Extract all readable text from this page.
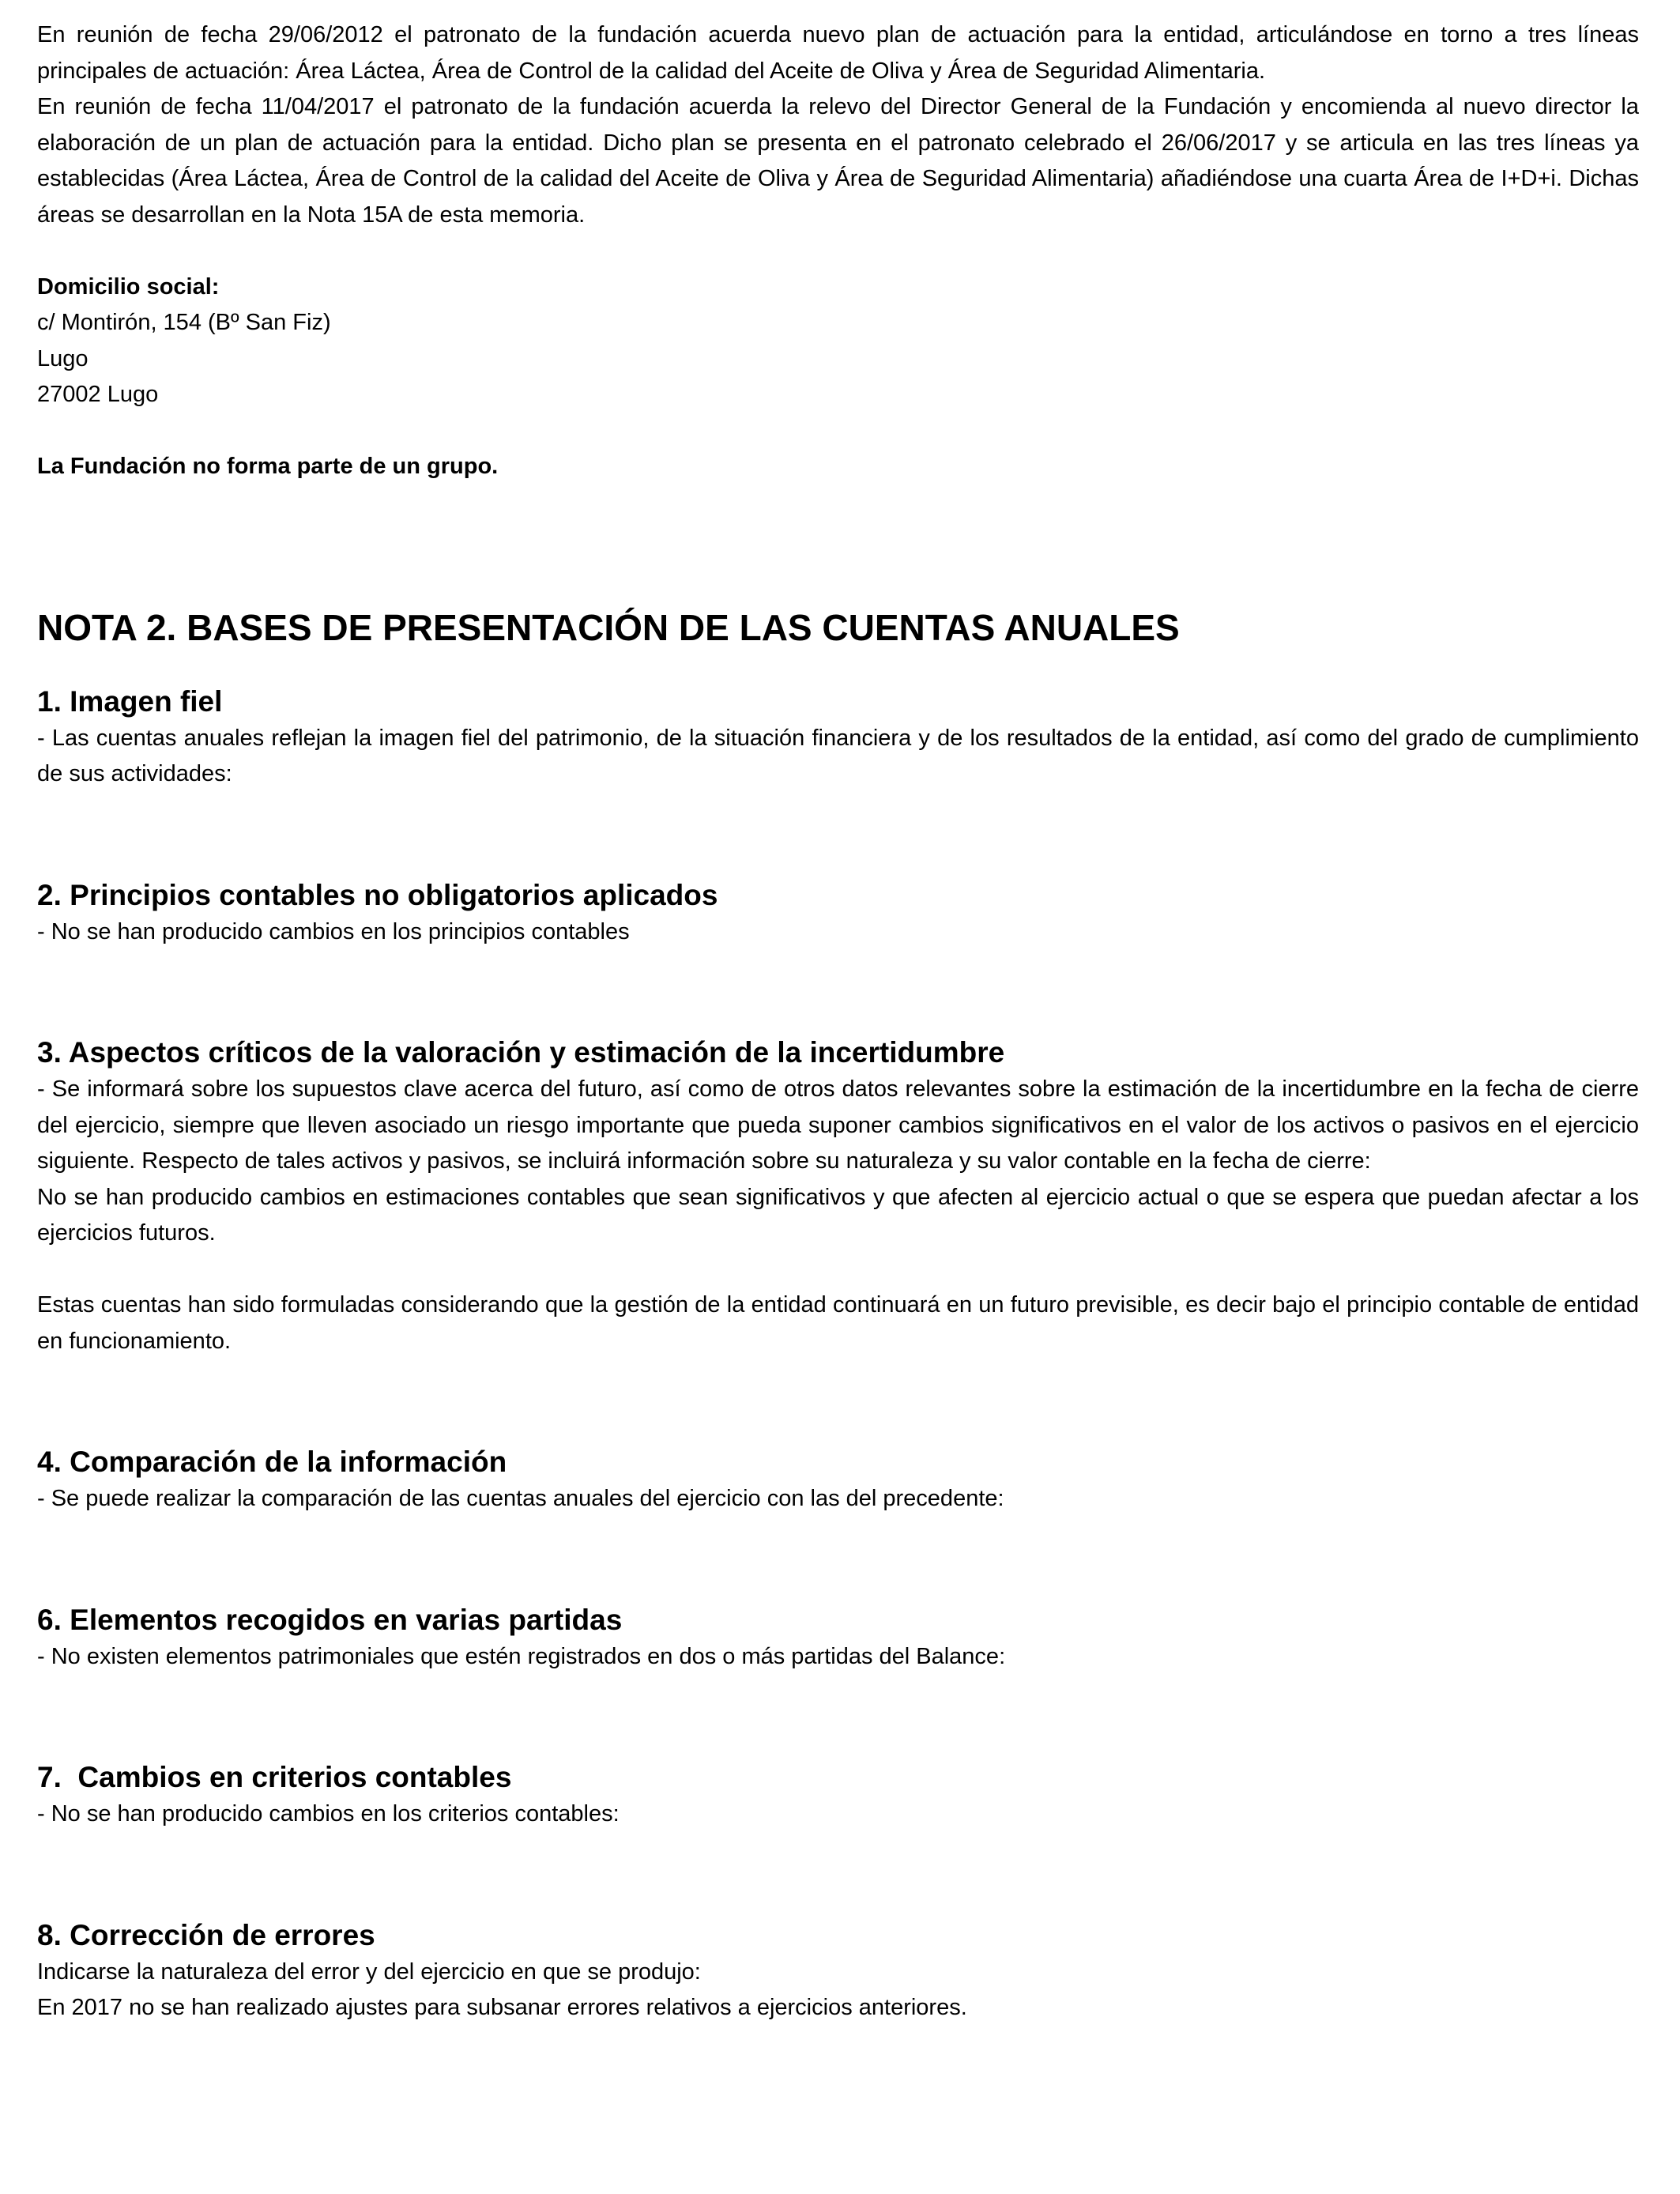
En reunión de fecha 29/06/2012 el patronato de la fundación acuerda nuevo plan de actuación para la entidad, articulándose en torno a tres líneas principales de actuación: Área Láctea, Área de Control de la calidad del Aceite de Oliva y Área de Seguridad Alimentaria.

En reunión de fecha 11/04/2017 el patronato de la fundación acuerda la relevo del Director General de la Fundación y encomienda al nuevo director la elaboración de un plan de actuación para la entidad. Dicho plan se presenta en el patronato celebrado el 26/06/2017 y se articula en las tres líneas ya establecidas (Área Láctea, Área de Control de la calidad del Aceite de Oliva y Área de Seguridad Alimentaria) añadiéndose una cuarta Área de I+D+i. Dichas áreas se desarrollan en la Nota 15A de esta memoria.

Domicilio social:

c/ Montirón, 154 (Bº San Fiz)

Lugo

27002 Lugo

La Fundación no forma parte de un grupo.

NOTA 2. BASES DE PRESENTACIÓN DE LAS CUENTAS ANUALES
1. Imagen fiel

- Las cuentas anuales reflejan la imagen fiel del patrimonio, de la situación financiera y de los resultados de la entidad, así como del grado de cumplimiento de sus actividades:

2. Principios contables no obligatorios aplicados

- No se han producido cambios en los principios contables

3. Aspectos críticos de la valoración y estimación de la incertidumbre

- Se informará sobre los supuestos clave acerca del futuro, así como de otros datos relevantes sobre la estimación de la incertidumbre en la fecha de cierre del ejercicio, siempre que lleven asociado un riesgo importante que pueda suponer cambios significativos en el valor de los activos o pasivos en el ejercicio siguiente. Respecto de tales activos y pasivos, se incluirá información sobre su naturaleza y su valor contable en la fecha de cierre:

No se han producido cambios en estimaciones contables que sean significativos y que afecten al ejercicio actual o que se espera que puedan afectar a los ejercicios futuros.

Estas cuentas han sido formuladas considerando que la gestión de la entidad continuará en un futuro previsible, es decir bajo el principio contable de entidad en funcionamiento.

4. Comparación de la información

- Se puede realizar la comparación de las cuentas anuales del ejercicio con las del precedente:

6. Elementos recogidos en varias partidas

- No existen elementos patrimoniales que estén registrados en dos o más partidas del Balance:

7.  Cambios en criterios contables

- No se han producido cambios en los criterios contables:

8. Corrección de errores

Indicarse la naturaleza del error y del ejercicio en que se produjo:

En 2017 no se han realizado ajustes para subsanar errores relativos a ejercicios anteriores.
